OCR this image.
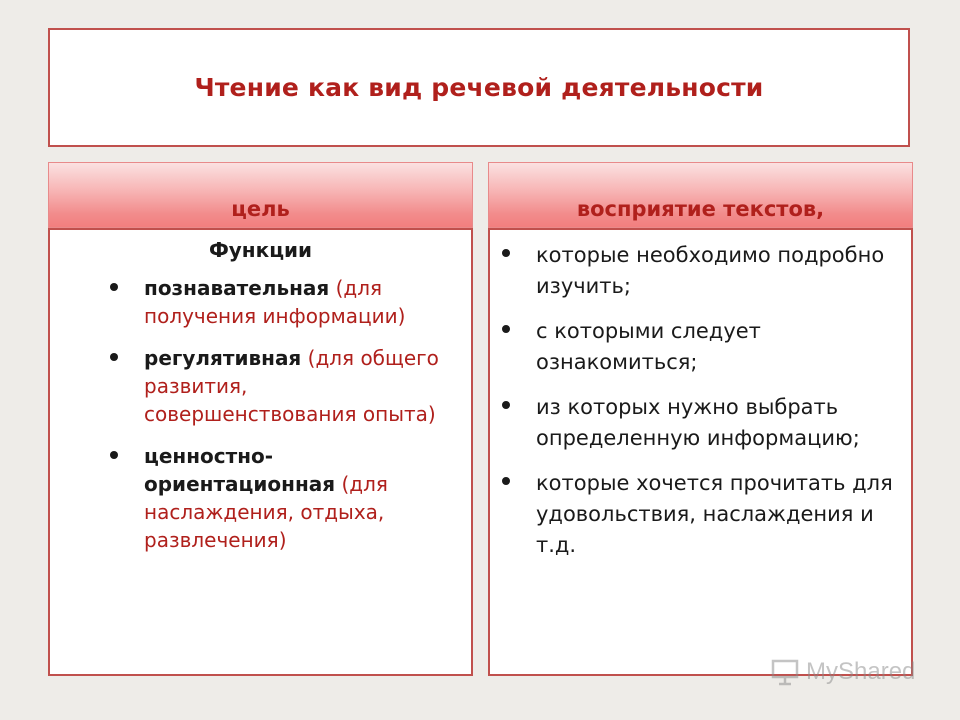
Чтение как вид речевой деятельности
цель	восприятие текстов,
Функции
познавательная (для получения информации)
регулятивная (для общего развития, совершенствования опыта)
ценностно-ориентационная (для наслаждения, отдыха, развлечения)
которые необходимо подробно изучить;
с которыми следует ознакомиться;
из которых нужно выбрать определенную информацию;
которые хочется прочитать для удовольствия, наслаждения и т.д.
MyShared
